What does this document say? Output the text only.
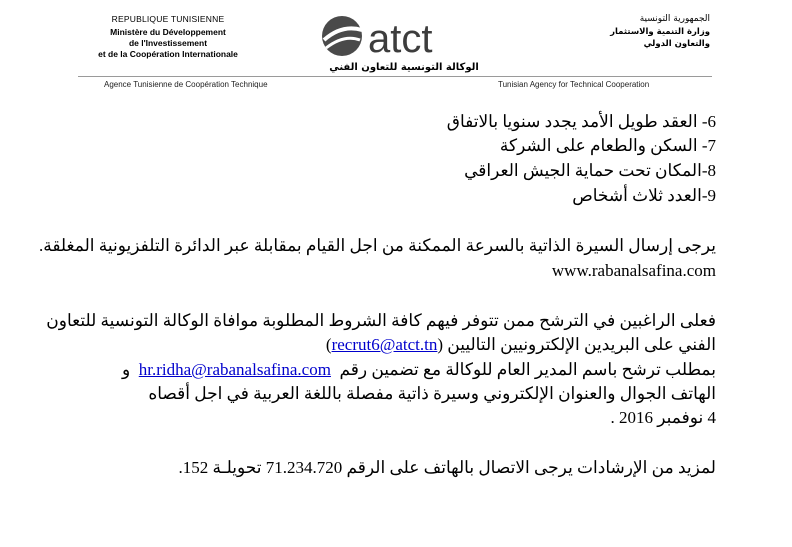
REPUBLIQUE TUNISIENNE
Ministère du Développement
de l'Investissement
et de la Coopération Internationale	atct
الوكالة التونسية للتعاون الفني
الجمهورية التونسية
وزارة التنمية والاستثمار
والتعاون الدولي
Agence Tunisienne de Coopération Technique	Tunisian Agency for Technical Cooperation
6- العقد طويل الأمد يجدد سنويا بالاتفاق
7- السكن والطعام على الشركة
8-المكان تحت حماية الجيش العراقي
9-العدد ثلاث أشخاص
يرجى إرسال السيرة الذاتية بالسرعة الممكنة من اجل القيام بمقابلة عبر الدائرة التلفزيونية المغلقة.
www.rabanalsafina.com
فعلى الراغبين في الترشح ممن تتوفر فيهم كافة الشروط المطلوبة موافاة الوكالة التونسية للتعاون
الفني على البريدين الإلكترونيين التاليين (recrut6@atct.tn)
بمطلب ترشح باسم المدير العام للوكالة مع تضمين رقم  hr.ridha@rabanalsafina.com  و
الهاتف الجوال والعنوان الإلكتروني وسيرة ذاتية مفصلة باللغة العربية في اجل أقصاه
4 نوفمبر 2016 .
لمزيد من الإرشادات يرجى الاتصال بالهاتف على الرقم 71.234.720 تحويلـة 152.
